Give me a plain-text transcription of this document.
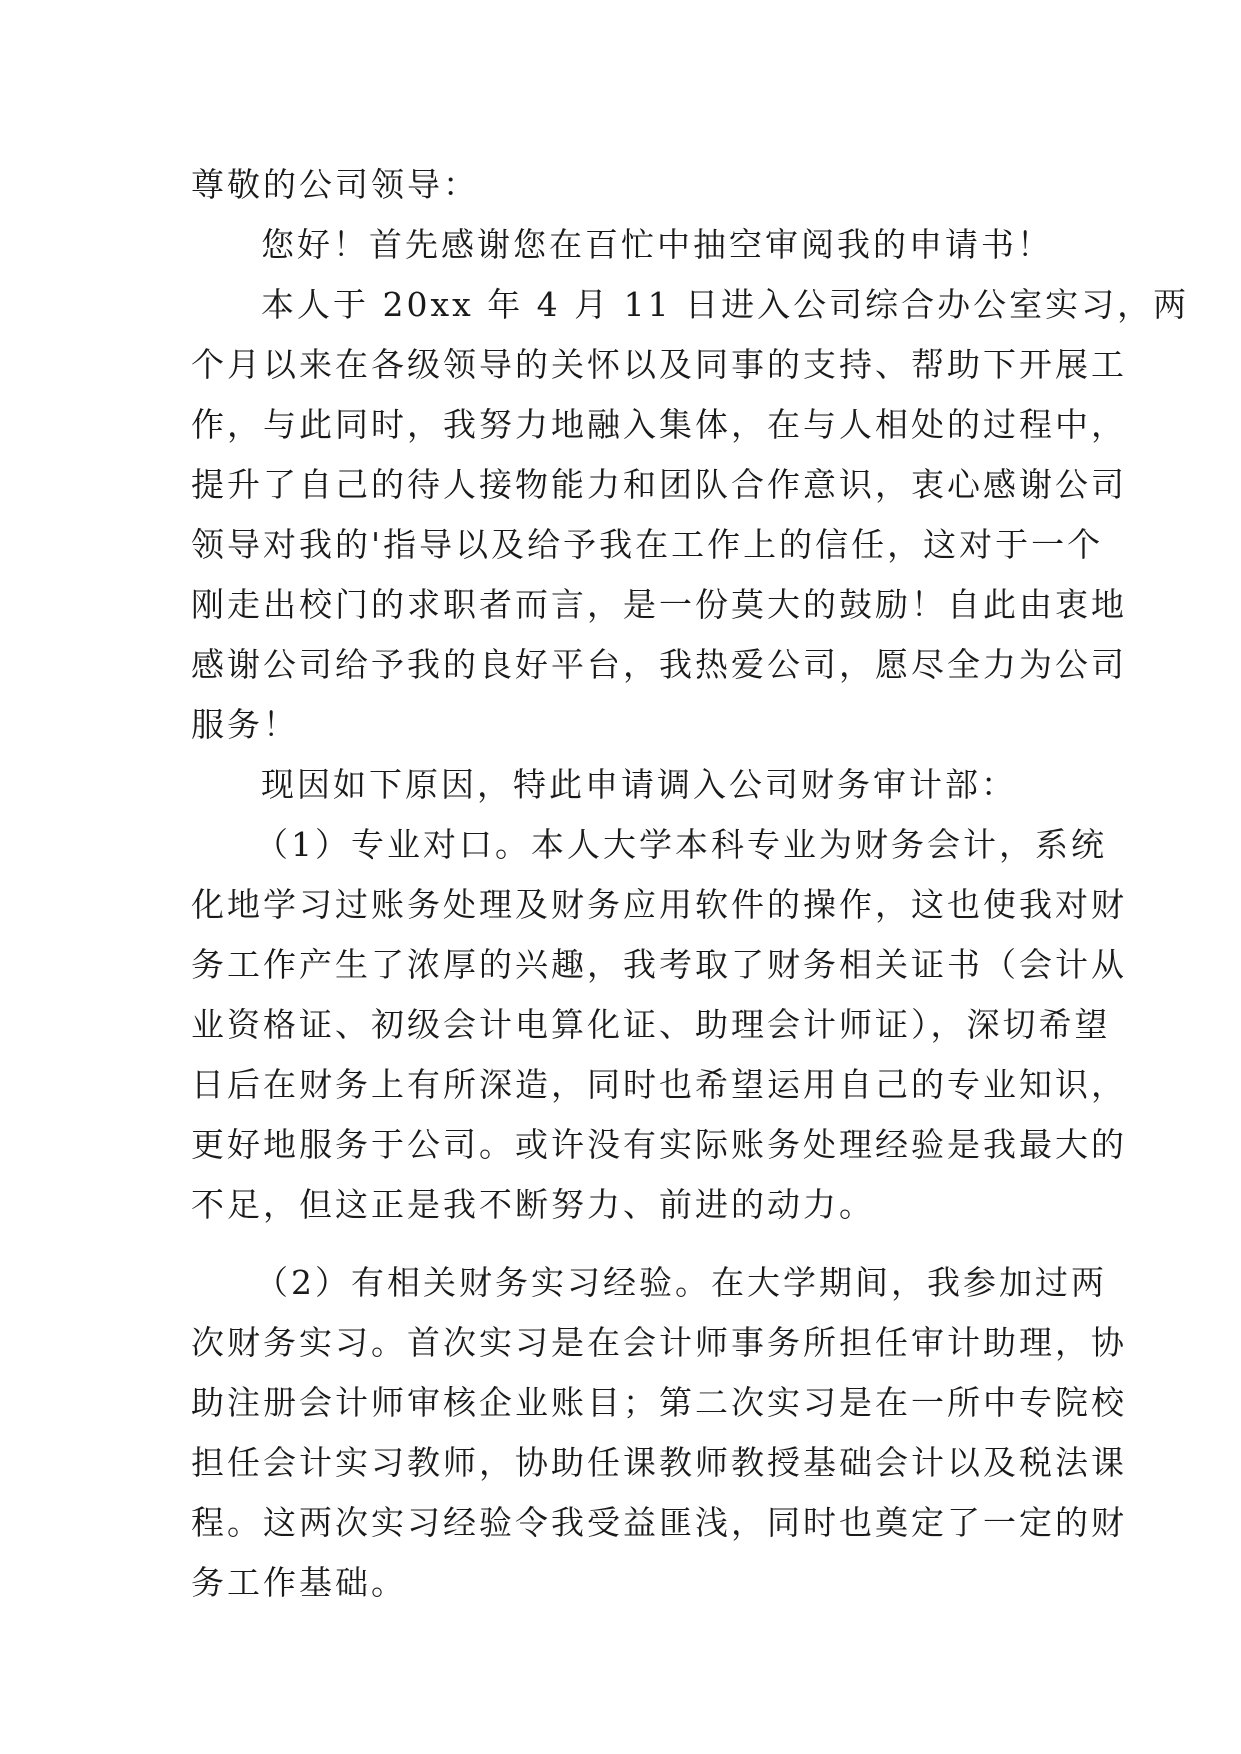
尊敬的公司领导：
您好！首先感谢您在百忙中抽空审阅我的申请书！
本人于 20xx 年 4 月 11 日进入公司综合办公室实习，两
个月以来在各级领导的关怀以及同事的支持、帮助下开展工
作，与此同时，我努力地融入集体，在与人相处的过程中，
提升了自己的待人接物能力和团队合作意识，衷心感谢公司
领导对我的'指导以及给予我在工作上的信任，这对于一个
刚走出校门的求职者而言，是一份莫大的鼓励！自此由衷地
感谢公司给予我的良好平台，我热爱公司，愿尽全力为公司
服务！
现因如下原因，特此申请调入公司财务审计部：
（1）专业对口。本人大学本科专业为财务会计，系统
化地学习过账务处理及财务应用软件的操作，这也使我对财
务工作产生了浓厚的兴趣，我考取了财务相关证书（会计从
业资格证、初级会计电算化证、助理会计师证），深切希望
日后在财务上有所深造，同时也希望运用自己的专业知识，
更好地服务于公司。或许没有实际账务处理经验是我最大的
不足，但这正是我不断努力、前进的动力。
（2）有相关财务实习经验。在大学期间，我参加过两
次财务实习。首次实习是在会计师事务所担任审计助理，协
助注册会计师审核企业账目；第二次实习是在一所中专院校
担任会计实习教师，协助任课教师教授基础会计以及税法课
程。这两次实习经验令我受益匪浅，同时也奠定了一定的财
务工作基础。
